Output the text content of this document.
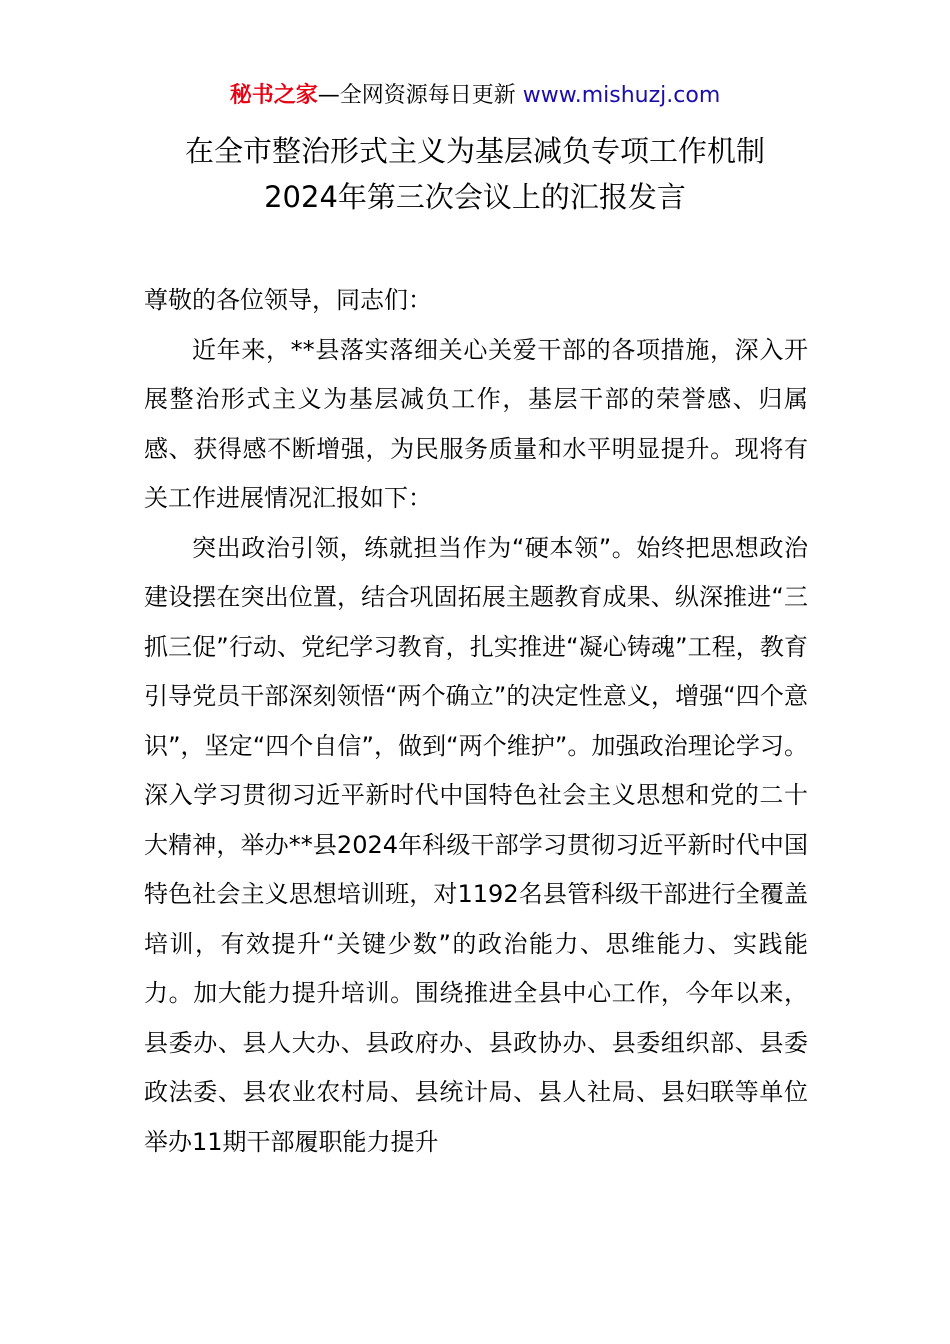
秘书之家—全网资源每日更新 www.mishuzj.com
在全市整治形式主义为基层减负专项工作机制
2024年第三次会议上的汇报发言

尊敬的各位领导，同志们：

近年来，**县落实落细关心关爱干部的各项措施，深入开展整治形式主义为基层减负工作，基层干部的荣誉感、归属感、获得感不断增强，为民服务质量和水平明显提升。现将有关工作进展情况汇报如下：

突出政治引领，练就担当作为“硬本领”。始终把思想政治建设摆在突出位置，结合巩固拓展主题教育成果、纵深推进“三抓三促”行动、党纪学习教育，扎实推进“凝心铸魂”工程，教育引导党员干部深刻领悟“两个确立”的决定性意义，增强“四个意识”，坚定“四个自信”，做到“两个维护”。加强政治理论学习。深入学习贯彻习近平新时代中国特色社会主义思想和党的二十大精神，举办**县2024年科级干部学习贯彻习近平新时代中国特色社会主义思想培训班，对1192名县管科级干部进行全覆盖培训，有效提升“关键少数”的政治能力、思维能力、实践能力。加大能力提升培训。围绕推进全县中心工作，今年以来，县委办、县人大办、县政府办、县政协办、县委组织部、县委政法委、县农业农村局、县统计局、县人社局、县妇联等单位举办11期干部履职能力提升
